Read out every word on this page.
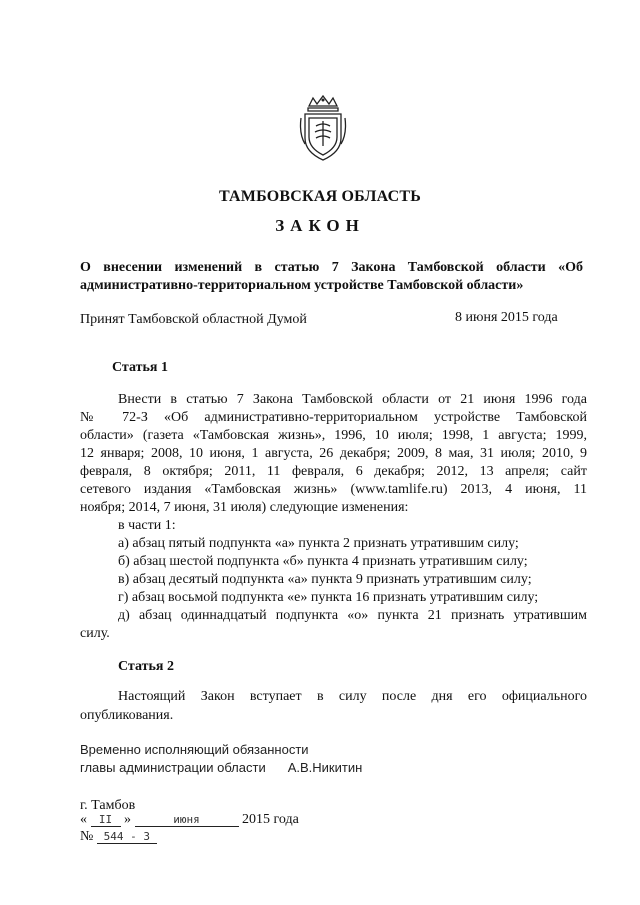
ТАМБОВСКАЯ ОБЛАСТЬ
ЗАКОН
О внесении изменений в статью 7 Закона Тамбовской области «Об
административно-территориальном устройстве Тамбовской области»
Принят Тамбовской областной Думой	8 июня 2015 года
Статья 1
Внести в статью 7 Закона Тамбовской области от 21 июня 1996 года
№ 72-З «Об административно-территориальном устройстве Тамбовской
области» (газета «Тамбовская жизнь», 1996, 10 июля; 1998, 1 августа; 1999,
12 января; 2008, 10 июня, 1 августа, 26 декабря; 2009, 8 мая, 31 июля; 2010, 9
февраля, 8 октября; 2011, 11 февраля, 6 декабря; 2012, 13 апреля; сайт
сетевого издания «Тамбовская жизнь» (www.tamlife.ru) 2013, 4 июня, 11
ноября; 2014, 7 июня, 31 июля) следующие изменения:
в части 1:
а) абзац пятый подпункта «а» пункта 2 признать утратившим силу;
б) абзац шестой подпункта «б» пункта 4 признать утратившим силу;
в) абзац десятый подпункта «а» пункта 9 признать утратившим силу;
г) абзац восьмой подпункта «е» пункта 16 признать утратившим силу;
д) абзац одиннадцатый подпункта «о» пункта 21 признать утратившим
силу.
Статья 2
Настоящий Закон вступает в силу после дня его официального
опубликования.
Временно исполняющий обязанности
главы администрации области А.В.Никитин
г. Тамбов
« II »	июня	2015 года
№ 544 - З
